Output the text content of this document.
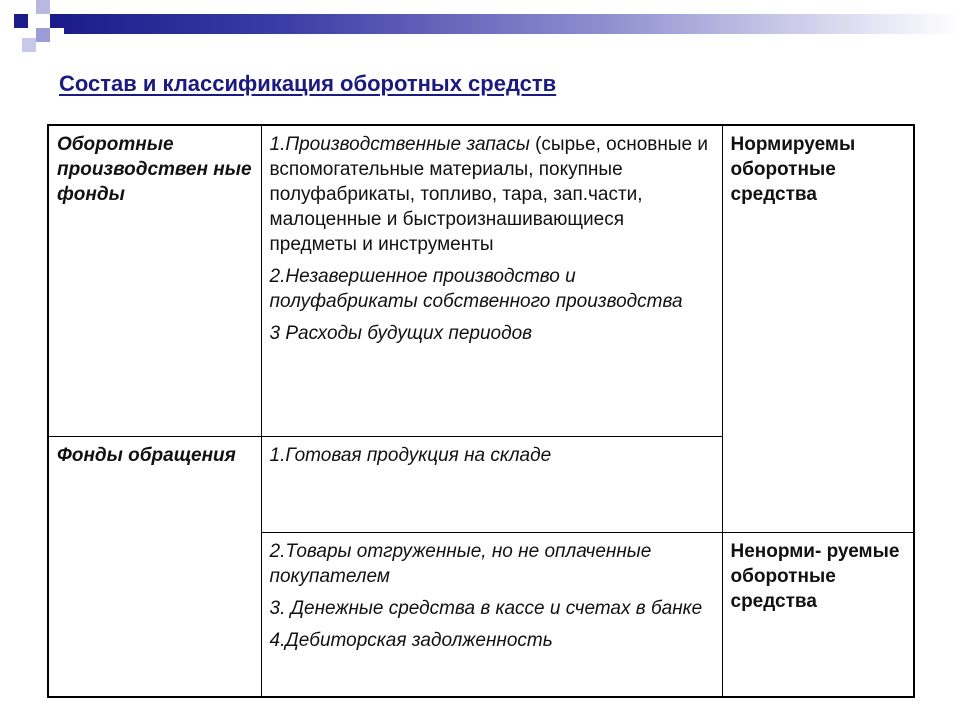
Состав и классификация оборотных средств
Оборотные производствен ные фонды	1.Производственные запасы (сырье, основные и вспомогательные материалы, покупные полуфабрикаты, топливо, тара, зап.части, малоценные и быстроизнашивающиеся предметы и инструменты

2.Незавершенное производство и полуфабрикаты собственного производства

3 Расходы будущих периодов	Нормируемы оборотные средства
Фонды обращения	1.Готовая продукция на складе	

	2.Товары отгруженные, но не оплаченные покупателем

3. Денежные средства в кассе и счетах в банке

4.Дебиторская задолженность	Ненорми- руемые оборотные средства
